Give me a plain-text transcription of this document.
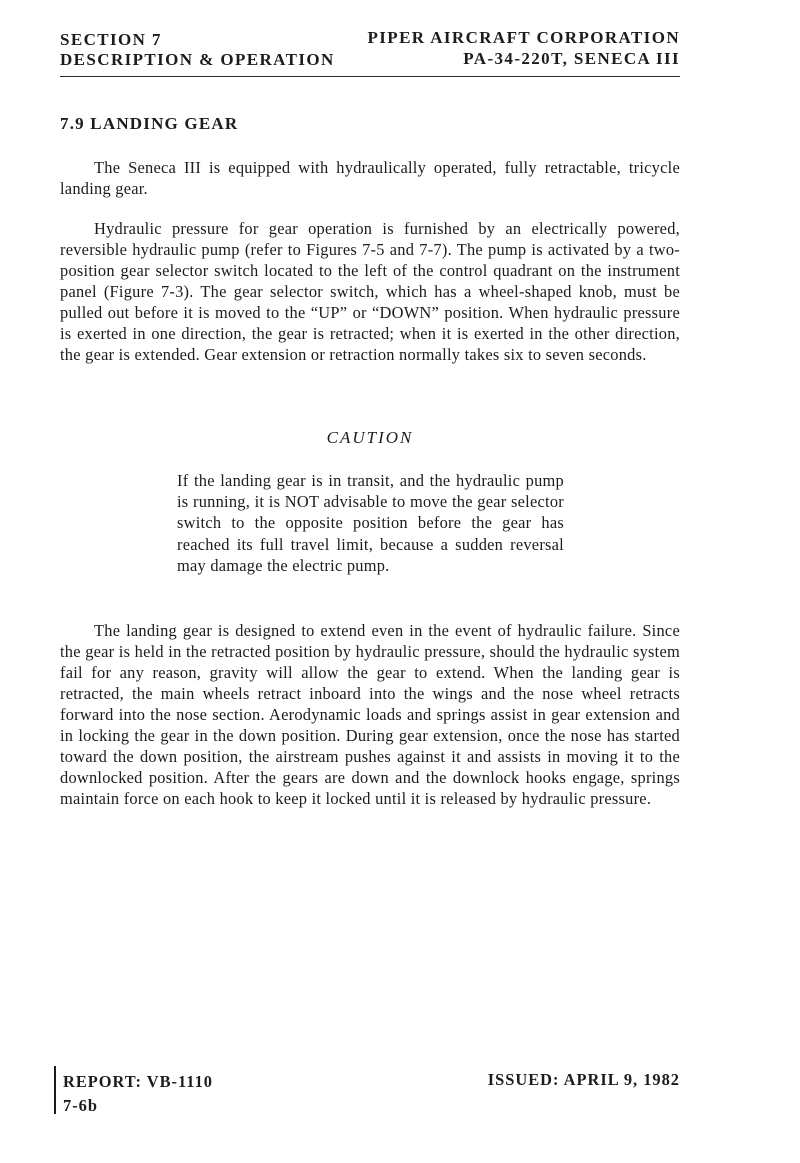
SECTION 7
DESCRIPTION & OPERATION
PIPER AIRCRAFT CORPORATION
PA-34-220T, SENECA III
7.9 LANDING GEAR

The Seneca III is equipped with hydraulically operated, fully retractable, tricycle landing gear.

Hydraulic pressure for gear operation is furnished by an electrically powered, reversible hydraulic pump (refer to Figures 7-5 and 7-7). The pump is activated by a two-position gear selector switch located to the left of the control quadrant on the instrument panel (Figure 7-3). The gear selector switch, which has a wheel-shaped knob, must be pulled out before it is moved to the “UP” or “DOWN” position. When hydraulic pressure is exerted in one direction, the gear is retracted; when it is exerted in the other direction, the gear is extended. Gear extension or retraction normally takes six to seven seconds.

CAUTION

If the landing gear is in transit, and the hydraulic pump is running, it is NOT advisable to move the gear selector switch to the opposite position before the gear has reached its full travel limit, because a sudden reversal may damage the electric pump.

The landing gear is designed to extend even in the event of hydraulic failure. Since the gear is held in the retracted position by hydraulic pressure, should the hydraulic system fail for any reason, gravity will allow the gear to extend. When the landing gear is retracted, the main wheels retract inboard into the wings and the nose wheel retracts forward into the nose section. Aerodynamic loads and springs assist in gear extension and in locking the gear in the down position. During gear extension, once the nose has started toward the down position, the airstream pushes against it and assists in moving it to the downlocked position. After the gears are down and the downlock hooks engage, springs maintain force on each hook to keep it locked until it is released by hydraulic pressure.

REPORT: VB-1110
7-6b
ISSUED: APRIL 9, 1982
